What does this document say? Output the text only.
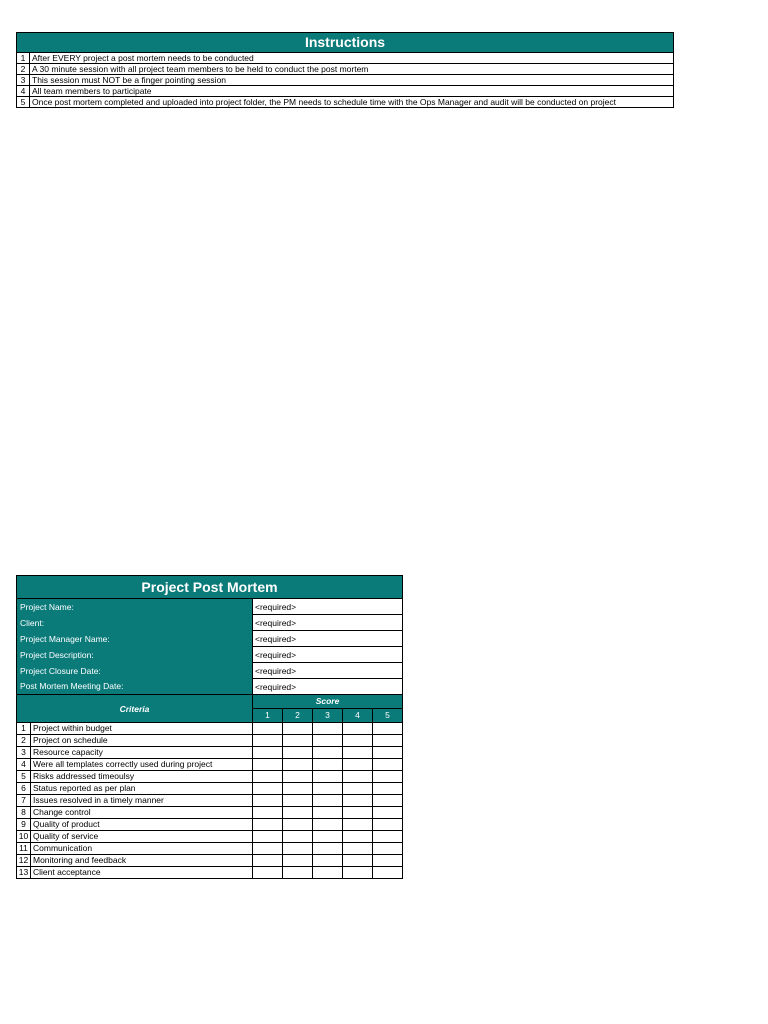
Instructions	
1	After EVERY project a post mortem needs to be conducted
2	A 30 minute session with all project team members to be held to conduct the post mortem
3	This session must NOT be a finger pointing session
4	All team members to participate
5	Once post mortem completed and uploaded into project folder, the PM needs to schedule time with the Ops Manager and audit will be conducted on project
Project Post Mortem						
Project Name:		<required>				
Client:		<required>				
Project Manager Name:		<required>				
Project Description:		<required>				
Project Closure Date:		<required>				
Post Mortem Meeting Date:		<required>				
Criteria		Score				
		1	2	3	4	5
1	Project within budget					
2	Project on schedule					
3	Resource capacity					
4	Were all templates correctly used during project					
5	Risks addressed timeoulsy					
6	Status reported as per plan					
7	Issues resolved in a timely manner					
8	Change control					
9	Quality of product					
10	Quality of service					
11	Communication					
12	Monitoring and feedback					
13	Client acceptance					
